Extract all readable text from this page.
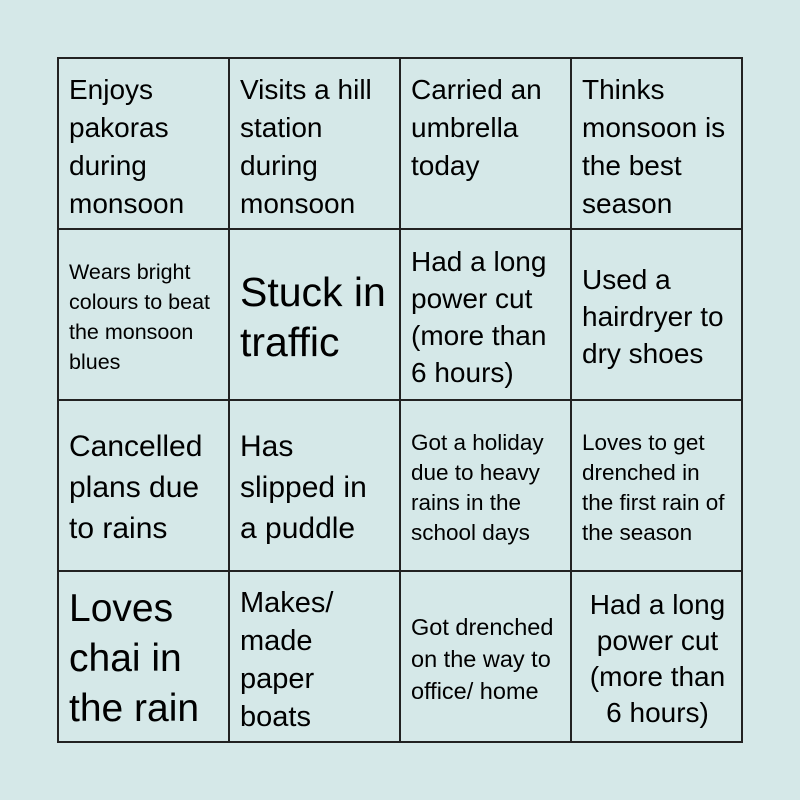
Enjoys pakoras during monsoon
Visits a hill station during monsoon
Carried an umbrella today
Thinks monsoon is the best season
Wears bright colours to beat the monsoon blues
Stuck in traffic
Had a long power cut (more than 6 hours)
Used a hairdryer to dry shoes
Cancelled plans due to rains
Has slipped in a puddle
Got a holiday due to heavy rains in the school days
Loves to get drenched in the first rain of the season
Loves chai in the rain
Makes/ made paper boats
Got drenched on the way to office/ home
Had a long power cut (more than 6 hours)
